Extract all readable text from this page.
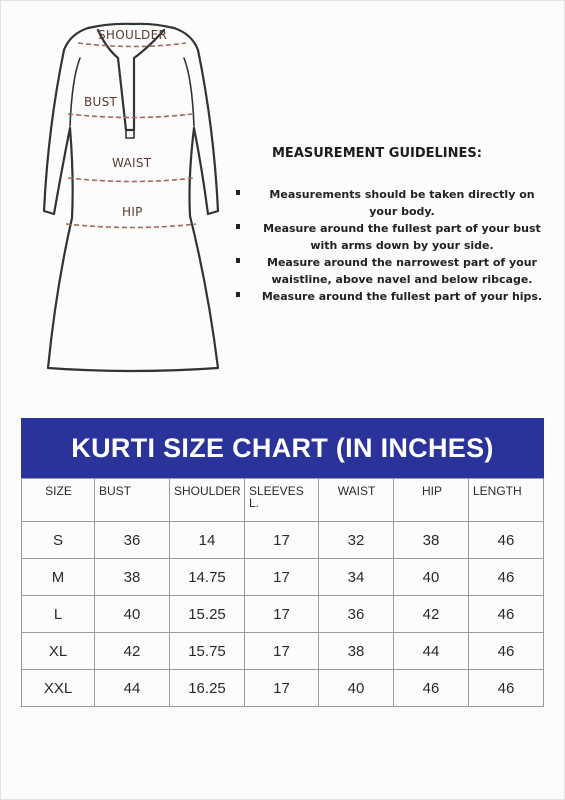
SHOULDER
BUST
WAIST
HIP
MEASUREMENT GUIDELINES:
Measurements should be taken directly on
your body.
Measure around the fullest part of your bust
with arms down by your side.
Measure around the narrowest part of your
waistline, above navel and below ribcage.
Measure around the fullest part of your hips.
KURTI SIZE CHART (IN INCHES)
SIZE	BUST	SHOULDER	SLEEVES L.	WAIST	HIP	LENGTH
S	36	14	17	32	38	46
M	38	14.75	17	34	40	46
L	40	15.25	17	36	42	46
XL	42	15.75	17	38	44	46
XXL	44	16.25	17	40	46	46
